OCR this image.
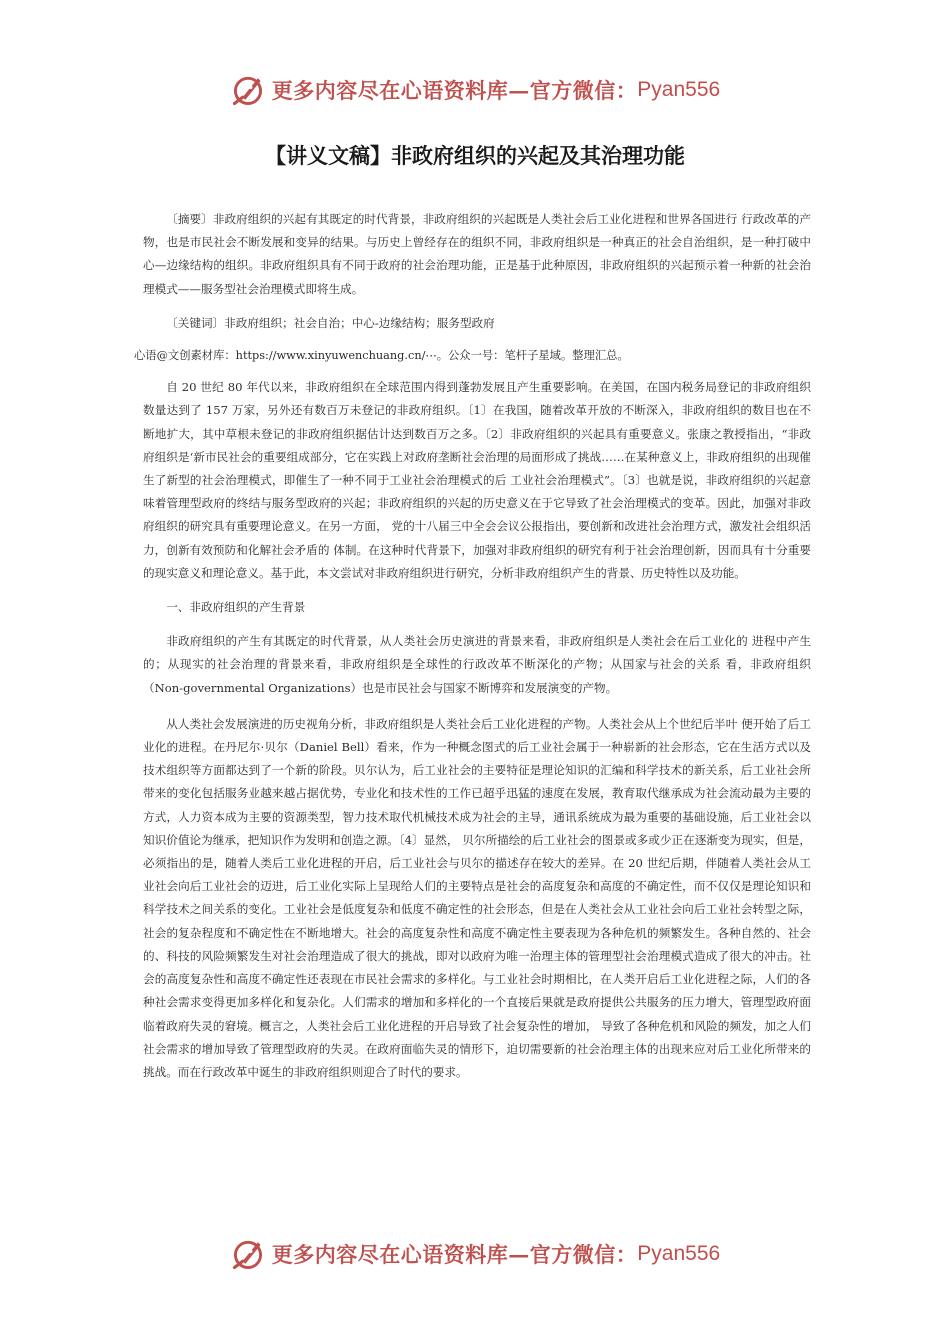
更多内容尽在心语资料库—官方微信： Pyan556
【讲义文稿】非政府组织的兴起及其治理功能

〔摘要〕非政府组织的兴起有其既定的时代背景，非政府组织的兴起既是人类社会后工业化进程和世界各国进行 行政改革的产物，也是市民社会不断发展和变异的结果。与历史上曾经存在的组织不同，非政府组织是一种真正的社会自治组织，是一种打破中心—边缘结构的组织。非政府组织具有不同于政府的社会治理功能，正是基于此种原因，非政府组织的兴起预示着一种新的社会治理模式——服务型社会治理模式即将生成。

〔关键词〕非政府组织；社会自治；中心-边缘结构；服务型政府

心语@文创素材库：https://www.xinyuwenchuang.cn/⋯。公众一号：笔杆子星域。整理汇总。

自 20 世纪 80 年代以来，非政府组织在全球范围内得到蓬勃发展且产生重要影响。在美国，在国内税务局登记的非政府组织数量达到了 157 万家，另外还有数百万未登记的非政府组织。〔1〕在我国，随着改革开放的不断深入，非政府组织的数目也在不断地扩大，其中草根未登记的非政府组织据估计达到数百万之多。〔2〕非政府组织的兴起具有重要意义。张康之教授指出，“非政府组织是‘新市民社会的重要组成部分，它在实践上对政府垄断社会治理的局面形成了挑战……在某种意义上，非政府组织的出现催生了新型的社会治理模式，即催生了一种不同于工业社会治理模式的后 工业社会治理模式”。〔3〕也就是说，非政府组织的兴起意味着管理型政府的终结与服务型政府的兴起；非政府组织的兴起的历史意义在于它导致了社会治理模式的变革。因此，加强对非政府组织的研究具有重要理论意义。在另一方面， 党的十八届三中全会会议公报指出，要创新和改进社会治理方式，激发社会组织活力，创新有效预防和化解社会矛盾的 体制。在这种时代背景下，加强对非政府组织的研究有利于社会治理创新，因而具有十分重要的现实意义和理论意义。基于此，本文尝试对非政府组织进行研究，分析非政府组织产生的背景、历史特性以及功能。

一、非政府组织的产生背景

非政府组织的产生有其既定的时代背景，从人类社会历史演进的背景来看，非政府组织是人类社会在后工业化的 进程中产生的；从现实的社会治理的背景来看，非政府组织是全球性的行政改革不断深化的产物；从国家与社会的关系 看，非政府组织（Non-governmental Organizations）也是市民社会与国家不断博弈和发展演变的产物。

从人类社会发展演进的历史视角分析，非政府组织是人类社会后工业化进程的产物。人类社会从上个世纪后半叶 便开始了后工业化的进程。在丹尼尔·贝尔（Daniel Bell）看来，作为一种概念图式的后工业社会属于一种崭新的社会形态，它在生活方式以及技术组织等方面都达到了一个新的阶段。贝尔认为，后工业社会的主要特征是理论知识的汇编和科学技术的新关系，后工业社会所带来的变化包括服务业越来越占据优势，专业化和技术性的工作已超乎迅猛的速度在发展，教育取代继承成为社会流动最为主要的方式，人力资本成为主要的资源类型，智力技术取代机械技术成为社会的主导，通讯系统成为最为重要的基础设施，后工业社会以知识价值论为继承，把知识作为发明和创造之源。〔4〕显然， 贝尔所描绘的后工业社会的图景或多或少正在逐渐变为现实，但是，必须指出的是，随着人类后工业化进程的开启，后工业社会与贝尔的描述存在较大的差异。在 20 世纪后期，伴随着人类社会从工业社会向后工业社会的迈进，后工业化实际上呈现给人们的主要特点是社会的高度复杂和高度的不确定性，而不仅仅是理论知识和科学技术之间关系的变化。工业社会是低度复杂和低度不确定性的社会形态，但是在人类社会从工业社会向后工业社会转型之际，社会的复杂程度和不确定性在不断地增大。社会的高度复杂性和高度不确定性主要表现为各种危机的频繁发生。各种自然的、社会的、科技的风险频繁发生对社会治理造成了很大的挑战，即对以政府为唯一治理主体的管理型社会治理模式造成了很大的冲击。社会的高度复杂性和高度不确定性还表现在市民社会需求的多样化。与工业社会时期相比，在人类开启后工业化进程之际，人们的各种社会需求变得更加多样化和复杂化。人们需求的增加和多样化的一个直接后果就是政府提供公共服务的压力增大，管理型政府面临着政府失灵的窘境。概言之，人类社会后工业化进程的开启导致了社会复杂性的增加， 导致了各种危机和风险的频发，加之人们社会需求的增加导致了管理型政府的失灵。在政府面临失灵的情形下，迫切需要新的社会治理主体的出现来应对后工业化所带来的挑战。而在行政改革中诞生的非政府组织则迎合了时代的要求。

更多内容尽在心语资料库—官方微信： Pyan556
